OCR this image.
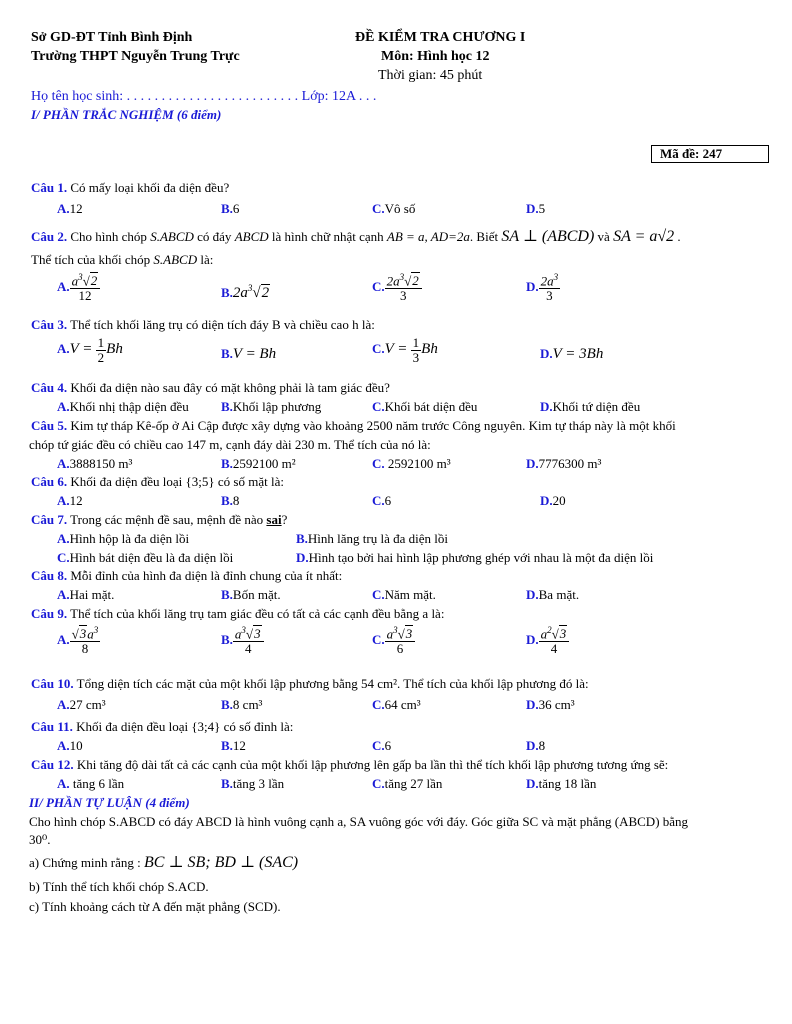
Sở GD-ĐT Tỉnh Bình Định
Trường THPT Nguyễn Trung Trực
ĐỀ KIỂM TRA CHƯƠNG I
Môn: Hình học 12
Thời gian: 45 phút
Họ tên học sinh: . . . . . . . . . . . . . . . . . . . . . . . . . Lớp: 12A . . .
I/ PHẦN TRẮC NGHIỆM (6 điểm)
Mã đề: 247
Câu 1. Có mấy loại khối đa diện đều?
A.12	B.6	C.Vô số	D.5
Câu 2. Cho hình chóp S.ABCD có đáy ABCD là hình chữ nhật cạnh AB = a, AD=2a. Biết SA ⊥ (ABCD) và SA = a√2 .
Thể tích của khối chóp S.ABCD là:
A. $\frac{a^3√2}{12}$	$B.2a^3√2$	C. $\frac{2a^3√2}{3}$	D. $\frac{2a^3}{3}$
Câu 3. Thể tích khối lăng trụ có diện tích đáy B và chiều cao h là:
$A.V = \frac{1}{2}$ Bh	B.V = Bh	$C.V = \frac{1}{3}$ Bh	D.V = 3Bh
Câu 4. Khối đa diện nào sau đây có mặt không phải là tam giác đều?
A.Khối nhị thập diện đều B.Khối lập phương	C.Khối bát diện đều	D.Khối tứ diện đều
Câu 5. Kim tự tháp Kê-ốp ở Ai Cập được xây dựng vào khoảng 2500 năm trước Công nguyên. Kim tự tháp này là một khối
chóp tứ giác đều có chiều cao 147 m, cạnh đáy dài 230 m. Thể tích của nó là:
A.3888150 m³	B.2592100 m²	C. 2592100 m³	D.7776300 m³
Câu 6. Khối đa diện đều loại {3;5} có số mặt là:
A.12	B.8	C.6	D.20
Câu 7. Trong các mệnh đề sau, mệnh đề nào sai?
A.Hình hộp là đa diện lồi	B.Hình lăng trụ là đa diện lồi
C.Hình bát diện đều là đa diện lồi	D.Hình tạo bởi hai hình lập phương ghép với nhau là một đa diện lồi
Câu 8. Mỗi đỉnh của hình đa diện là đỉnh chung của ít nhất:
A.Hai mặt.	B.Bốn mặt.	C.Năm mặt.	D.Ba mặt.
Câu 9. Thể tích của khối lăng trụ tam giác đều có tất cả các cạnh đều bằng a là:
A. $\frac{√3a^3}{8}$	B. $\frac{a^3√3}{4}$	C. $\frac{a^3√3}{6}$	D. $\frac{a^2√3}{4}$
Câu 10. Tổng diện tích các mặt của một khối lập phương bằng 54 cm². Thể tích của khối lập phương đó là:
A.27 cm³	B.8 cm³	C.64 cm³	D.36 cm³
Câu 11. Khối đa diện đều loại {3;4} có số đỉnh là:
A.10	B.12	C.6	D.8
Câu 12. Khi tăng độ dài tất cả các cạnh của một khối lập phương lên gấp ba lần thì thể tích khối lập phương tương ứng sẽ:
A. tăng 6 lần	B.tăng 3 lần	C.tăng 27 lần	D.tăng 18 lần
II/ PHẦN TỰ LUẬN (4 điểm)
Cho hình chóp S.ABCD có đáy ABCD là hình vuông cạnh a, SA vuông góc với đáy. Góc giữa SC và mặt phẳng (ABCD) bằng
30⁰.
a) Chứng minh rằng : BC ⊥ SB; BD ⊥ (SAC)
b) Tính thể tích khối chóp S.ACD.
c) Tính khoảng cách từ A đến mặt phẳng (SCD).
